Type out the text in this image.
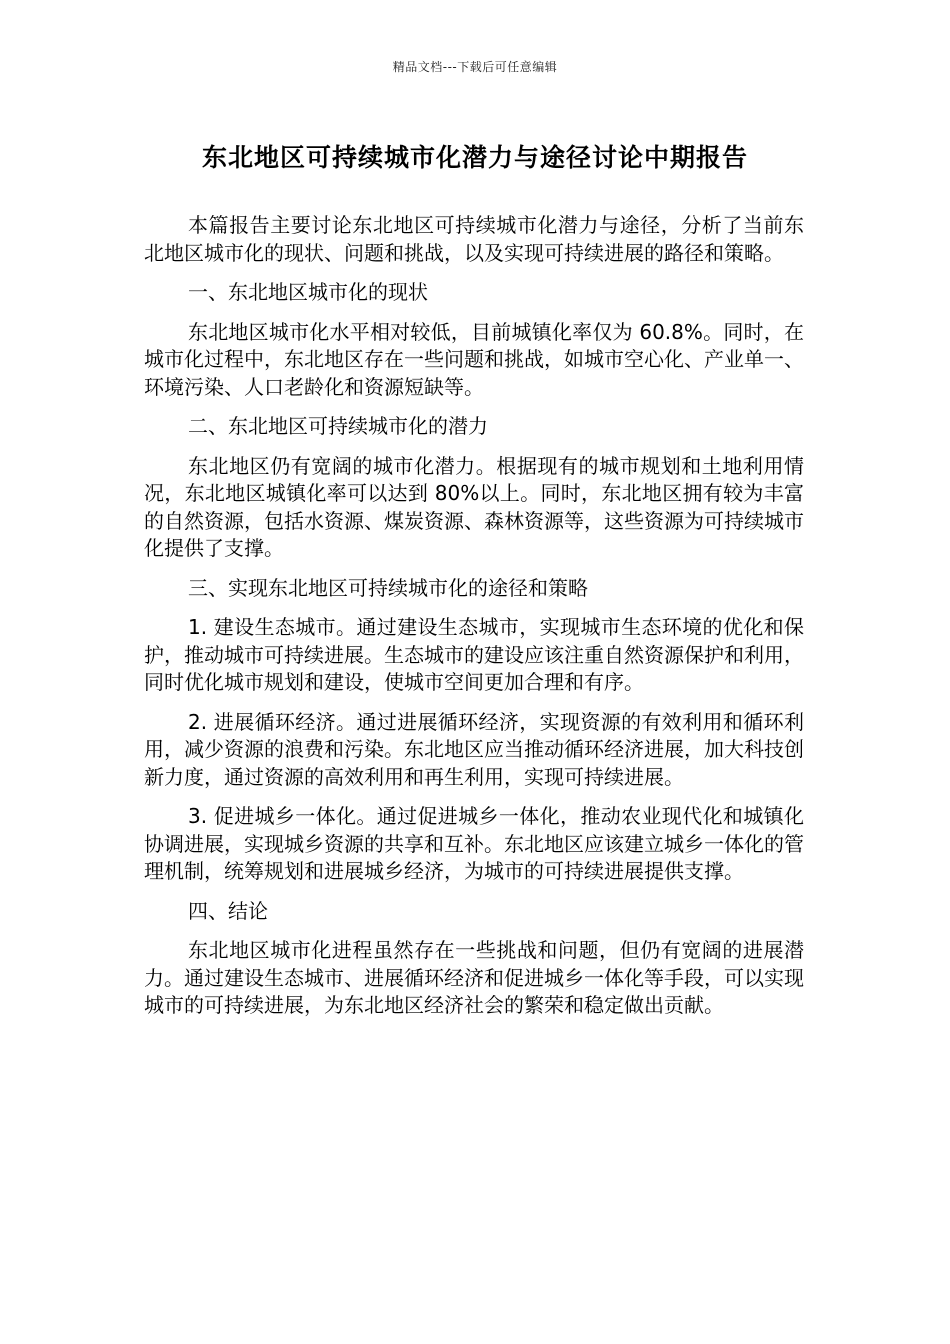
精品文档---下载后可任意编辑
东北地区可持续城市化潜力与途径讨论中期报告

本篇报告主要讨论东北地区可持续城市化潜力与途径，分析了当前东北地区城市化的现状、问题和挑战，以及实现可持续进展的路径和策略。

一、东北地区城市化的现状

东北地区城市化水平相对较低，目前城镇化率仅为 60.8%。同时，在城市化过程中，东北地区存在一些问题和挑战，如城市空心化、产业单一、环境污染、人口老龄化和资源短缺等。

二、东北地区可持续城市化的潜力

东北地区仍有宽阔的城市化潜力。根据现有的城市规划和土地利用情况，东北地区城镇化率可以达到 80%以上。同时，东北地区拥有较为丰富的自然资源，包括水资源、煤炭资源、森林资源等，这些资源为可持续城市化提供了支撑。

三、实现东北地区可持续城市化的途径和策略

1. 建设生态城市。通过建设生态城市，实现城市生态环境的优化和保护，推动城市可持续进展。生态城市的建设应该注重自然资源保护和利用，同时优化城市规划和建设，使城市空间更加合理和有序。

2. 进展循环经济。通过进展循环经济，实现资源的有效利用和循环利用，减少资源的浪费和污染。东北地区应当推动循环经济进展，加大科技创新力度，通过资源的高效利用和再生利用，实现可持续进展。

3. 促进城乡一体化。通过促进城乡一体化，推动农业现代化和城镇化协调进展，实现城乡资源的共享和互补。东北地区应该建立城乡一体化的管理机制，统筹规划和进展城乡经济，为城市的可持续进展提供支撑。

四、结论

东北地区城市化进程虽然存在一些挑战和问题，但仍有宽阔的进展潜力。通过建设生态城市、进展循环经济和促进城乡一体化等手段，可以实现城市的可持续进展，为东北地区经济社会的繁荣和稳定做出贡献。
